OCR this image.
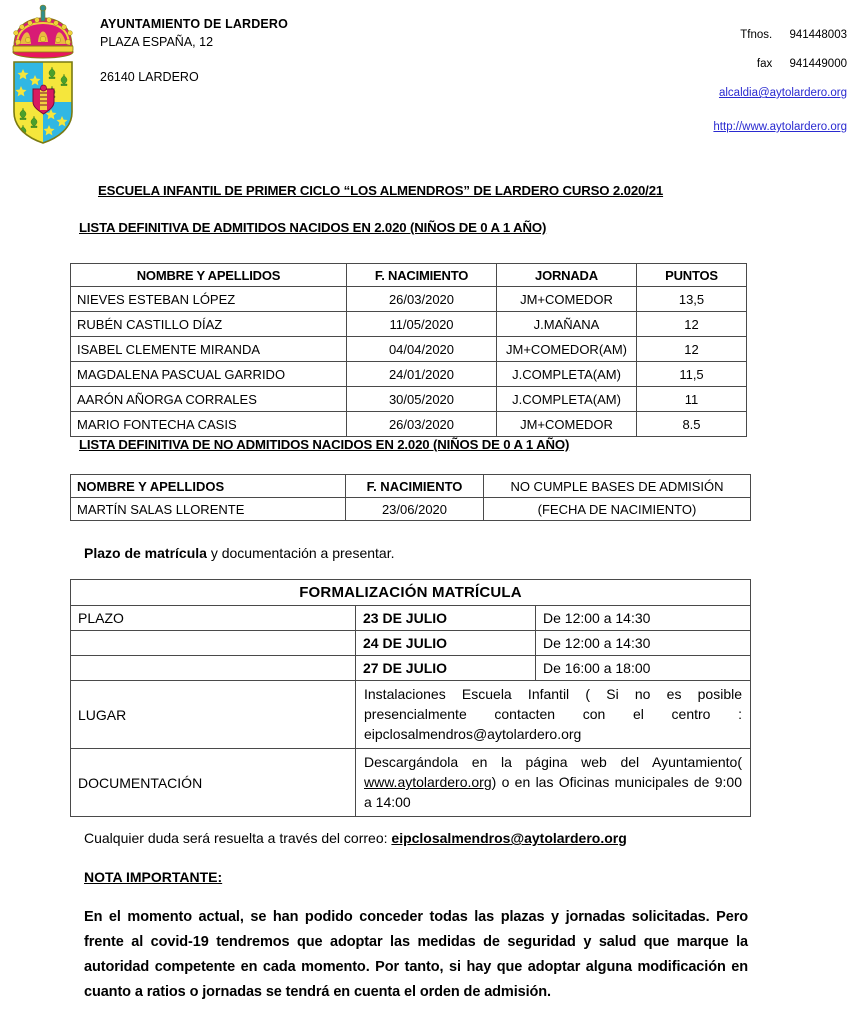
AYUNTAMIENTO DE LARDERO
PLAZA ESPAÑA, 12
26140 LARDERO
Tfnos. 941448003
fax 941449000
alcaldia@aytolardero.org
http://www.aytolardero.org
ESCUELA INFANTIL DE PRIMER CICLO “LOS ALMENDROS” DE LARDERO CURSO 2.020/21
LISTA DEFINITIVA DE ADMITIDOS NACIDOS EN 2.020 (NIÑOS DE 0 A 1 AÑO)
NOMBRE Y APELLIDOS	F. NACIMIENTO	JORNADA	PUNTOS
NIEVES ESTEBAN LÓPEZ	26/03/2020	JM+COMEDOR	13,5
RUBÉN CASTILLO DÍAZ	11/05/2020	J.MAÑANA	12
ISABEL CLEMENTE MIRANDA	04/04/2020	JM+COMEDOR(AM)	12
MAGDALENA PASCUAL GARRIDO	24/01/2020	J.COMPLETA(AM)	11,5
AARÓN AÑORGA CORRALES	30/05/2020	J.COMPLETA(AM)	11
MARIO FONTECHA CASIS	26/03/2020	JM+COMEDOR	8.5
LISTA DEFINITIVA DE NO ADMITIDOS NACIDOS EN 2.020 (NIÑOS DE 0 A 1 AÑO)
NOMBRE Y APELLIDOS	F. NACIMIENTO	NO CUMPLE BASES DE ADMISIÓN
MARTÍN SALAS LLORENTE	23/06/2020	(FECHA DE NACIMIENTO)
Plazo de matrícula y documentación a presentar.
FORMALIZACIÓN MATRÍCULA		
PLAZO	23 DE JULIO	De 12:00 a 14:30
	24 DE JULIO	De 12:00 a 14:30
	27 DE JULIO	De 16:00 a 18:00
LUGAR	Instalaciones Escuela Infantil ( Si no es posible presencialmente contacten con el centro : eipclosalmendros@aytolardero.org	
DOCUMENTACIÓN	Descargándola en la página web del Ayuntamiento( www.aytolardero.org) o en las Oficinas municipales de 9:00 a 14:00	
Cualquier duda será resuelta a través del correo: eipclosalmendros@aytolardero.org
NOTA IMPORTANTE:
En el momento actual, se han podido conceder todas las plazas y jornadas solicitadas. Pero frente al covid-19 tendremos que adoptar las medidas de seguridad y salud que marque la autoridad competente en cada momento. Por tanto, si hay que adoptar alguna modificación en cuanto a ratios o jornadas se tendrá en cuenta el orden de admisión.
